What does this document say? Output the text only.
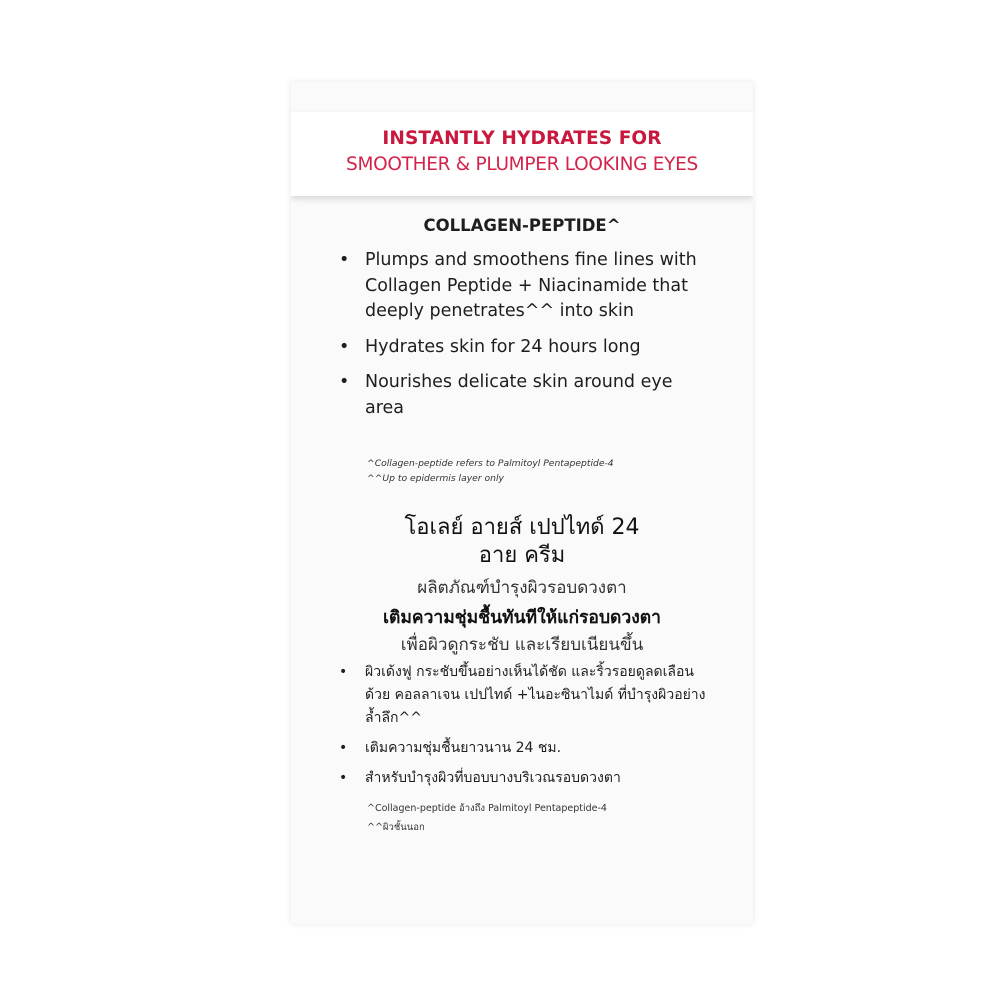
INSTANTLY HYDRATES FOR
SMOOTHER & PLUMPER LOOKING EYES
COLLAGEN-PEPTIDE^
• Plumps and smoothens fine lines with Collagen Peptide + Niacinamide that deeply penetrates^^ into skin
• Hydrates skin for 24 hours long
• Nourishes delicate skin around eye area
^Collagen-peptide refers to Palmitoyl Pentapeptide-4
^^Up to epidermis layer only
โอเลย์ อายส์ เปปไทด์ 24
อาย ครีม
ผลิตภัณฑ์บำรุงผิวรอบดวงตา
เติมความชุ่มชื้นทันทีให้แก่รอบดวงตา
เพื่อผิวดูกระชับ และเรียบเนียนขึ้น
• ผิวเด้งฟู กระชับขึ้นอย่างเห็นได้ชัด และริ้วรอยดูลดเลือน ด้วย คอลลาเจน เปปไทด์ +ไนอะซินาไมด์ ที่บำรุงผิวอย่างล้ำลึก^^
• เติมความชุ่มชื้นยาวนาน 24 ชม.
• สำหรับบำรุงผิวที่บอบบางบริเวณรอบดวงตา
^Collagen-peptide อ้างถึง Palmitoyl Pentapeptide-4
^^ผิวชั้นนอก
